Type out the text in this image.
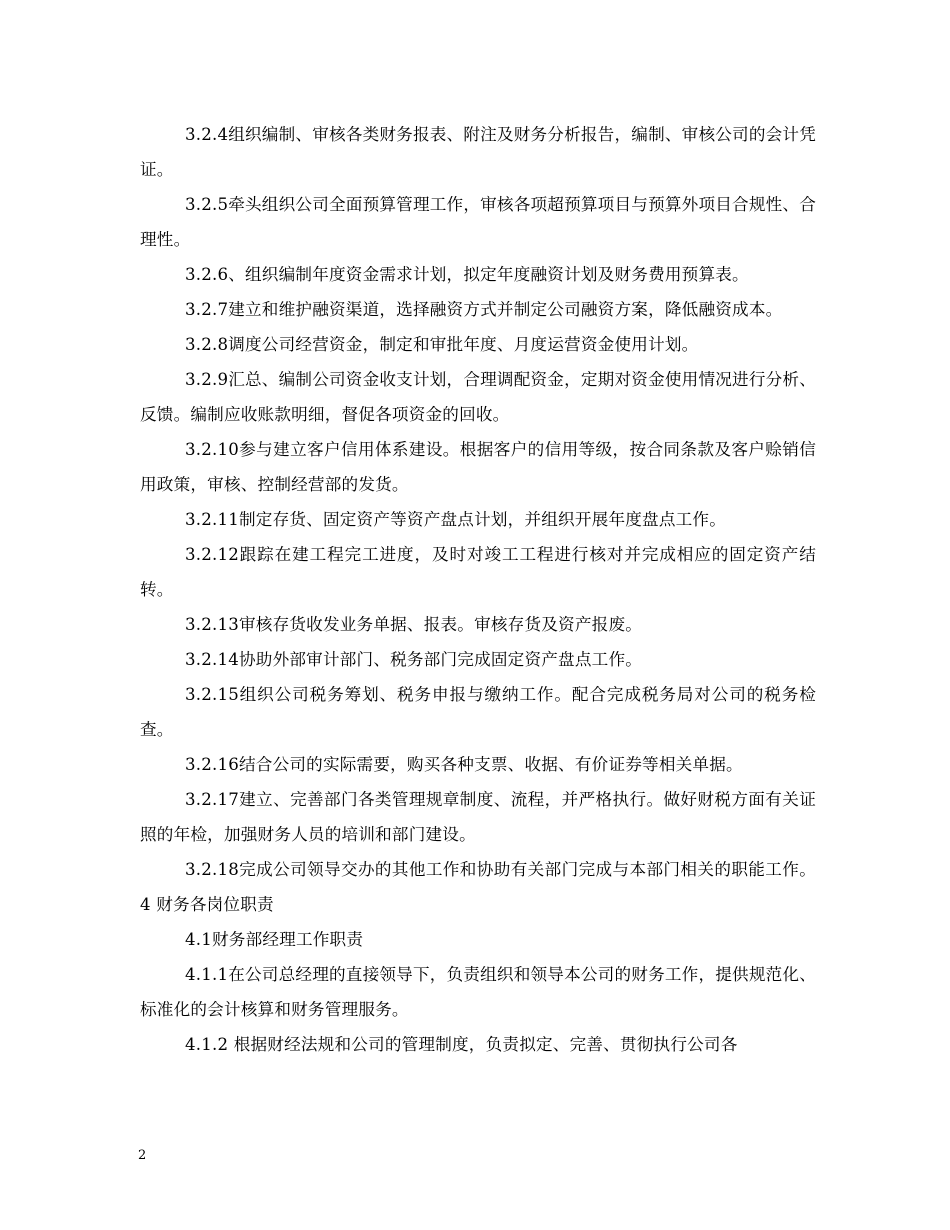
3.2.4组织编制、审核各类财务报表、附注及财务分析报告，编制、审核公司的会计凭证。

3.2.5牵头组织公司全面预算管理工作，审核各项超预算项目与预算外项目合规性、合理性。

3.2.6、组织编制年度资金需求计划，拟定年度融资计划及财务费用预算表。

3.2.7建立和维护融资渠道，选择融资方式并制定公司融资方案，降低融资成本。

3.2.8调度公司经营资金，制定和审批年度、月度运营资金使用计划。

3.2.9汇总、编制公司资金收支计划，合理调配资金，定期对资金使用情况进行分析、反馈。编制应收账款明细，督促各项资金的回收。

3.2.10参与建立客户信用体系建设。根据客户的信用等级，按合同条款及客户赊销信用政策，审核、控制经营部的发货。

3.2.11制定存货、固定资产等资产盘点计划，并组织开展年度盘点工作。

3.2.12跟踪在建工程完工进度，及时对竣工工程进行核对并完成相应的固定资产结转。

3.2.13审核存货收发业务单据、报表。审核存货及资产报废。

3.2.14协助外部审计部门、税务部门完成固定资产盘点工作。

3.2.15组织公司税务筹划、税务申报与缴纳工作。配合完成税务局对公司的税务检查。

3.2.16结合公司的实际需要，购买各种支票、收据、有价证券等相关单据。

3.2.17建立、完善部门各类管理规章制度、流程，并严格执行。做好财税方面有关证照的年检，加强财务人员的培训和部门建设。

3.2.18完成公司领导交办的其他工作和协助有关部门完成与本部门相关的职能工作。 4 财务各岗位职责

4.1财务部经理工作职责

4.1.1在公司总经理的直接领导下，负责组织和领导本公司的财务工作，提供规范化、标准化的会计核算和财务管理服务。

4.1.2 根据财经法规和公司的管理制度，负责拟定、完善、贯彻执行公司各

2
